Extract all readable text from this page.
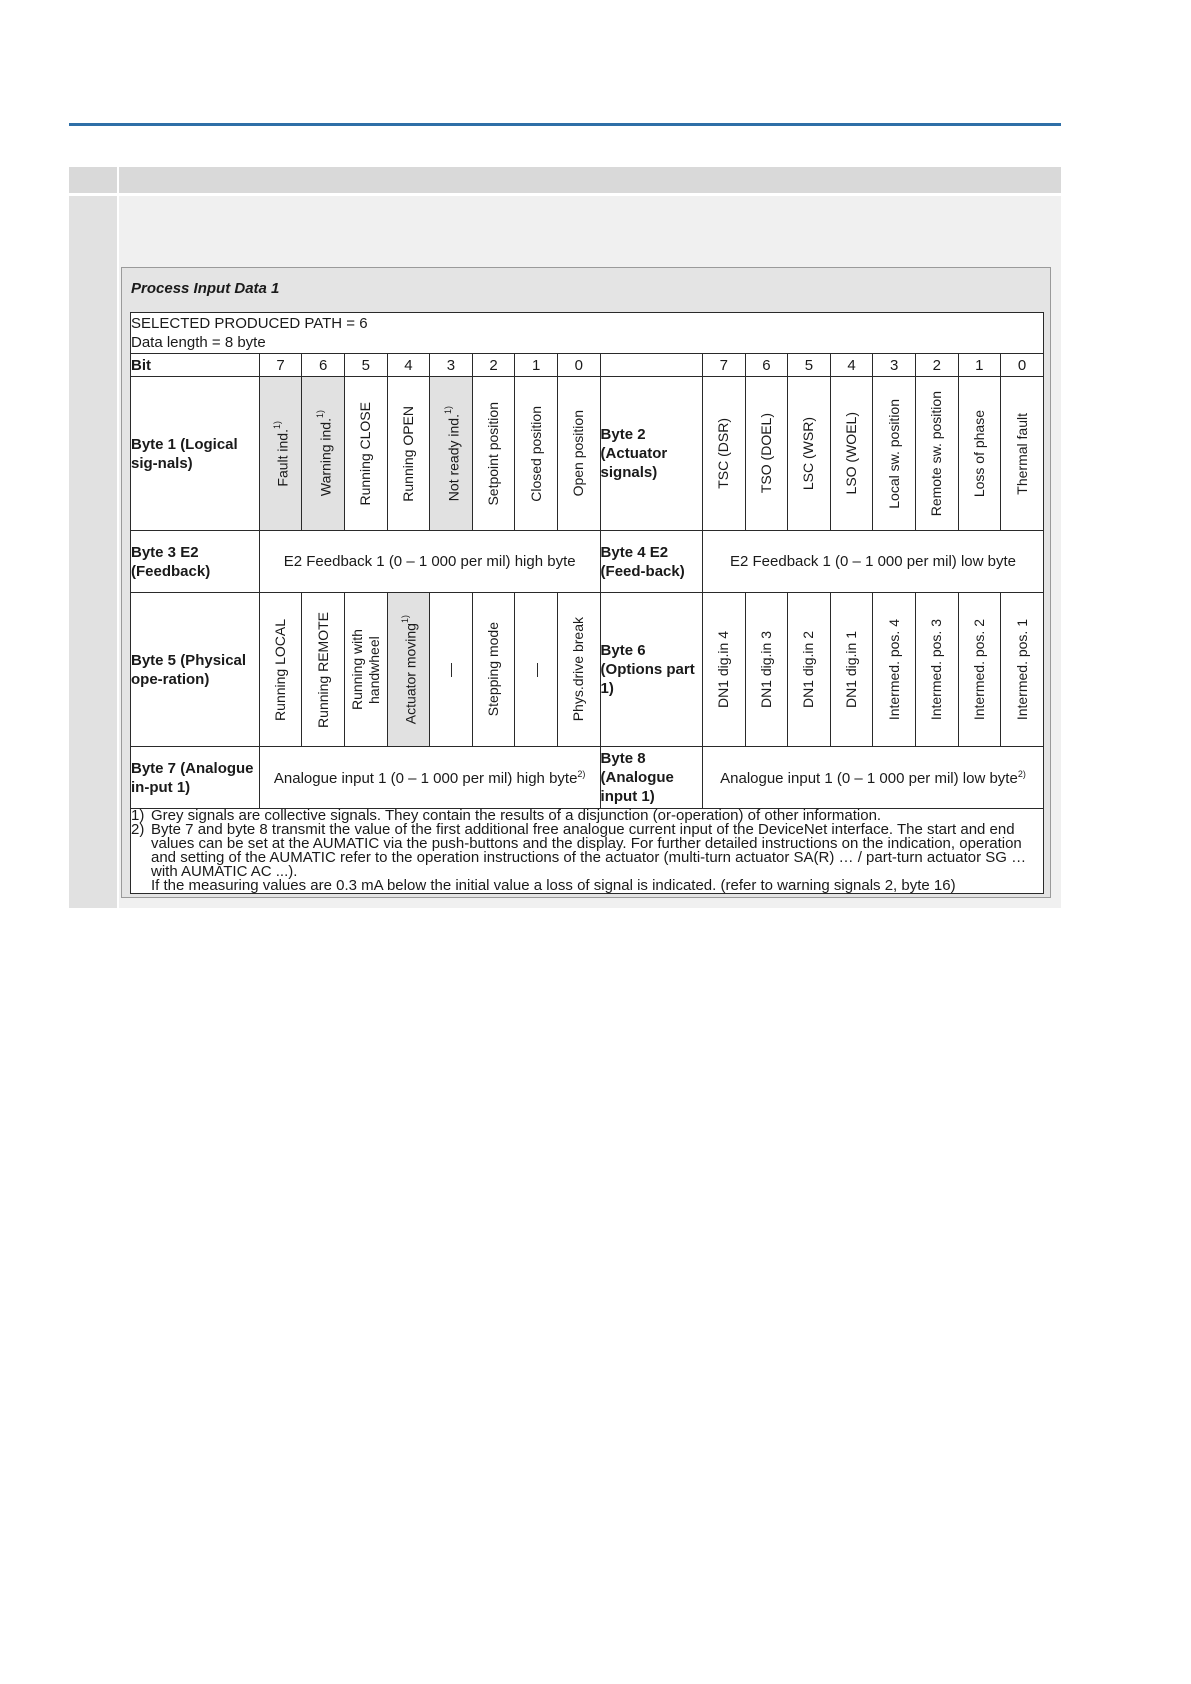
Process Input Data 1
SELECTED PRODUCED PATH = 6
Data length = 8 byte																	

Bit	7	6	5	4	3	2	1	0		7	6	5	4	3	2	1	0
Byte 1 (Logical sig-nals)	Fault ind.$^{1)}$	Warning ind.$^{1)}$	Running CLOSE	Running OPEN	Not ready ind.$^{1)}$	Setpoint position	Closed position	Open position	Byte 2 (Actuator signals)	TSC (DSR)	TSO (DOEL)	LSC (WSR)	LSO (WOEL)	Local sw. position	Remote sw. position	Loss of phase	Thermal fault

Byte 3 E2 (Feedback)	E2 Feedback 1 (0 – 1 000 per mil) high byte								Byte 4 E2 (Feed-back)	E2 Feedback 1 (0 – 1 000 per mil) low byte							
Byte 5 (Physical ope-ration)	Running LOCAL	Running REMOTE	Running with handwheel	Actuator moving$^{1)}$	—	Stepping mode	—	Phys.drive break	Byte 6 (Options part 1)	DN1 dig.in 4	DN1 dig.in 3	DN1 dig.in 2	DN1 dig.in 1	Intermed. pos. 4	Intermed. pos. 3	Intermed. pos. 2	Intermed. pos. 1

Byte 7 (Analogue in-put 1)	Analogue input 1 (0 – 1 000 per mil) high byte$^{2)}$								Byte 8 (Analogue input 1)	Analogue input 1 (0 – 1 000 per mil) low byte$^{2)}$

1) Grey signals are collective signals. They contain the results of a disjunction (or-operation) of other information.
2) Byte 7 and byte 8 transmit the value of the first additional free analogue current input of the DeviceNet interface. The start and end values can be set at the AUMATIC via the push-buttons and the display. For further detailed instructions on the indication, operation and setting of the AUMATIC refer to the operation instructions of the actuator (multi-turn actuator SA(R) … / part-turn actuator SG … with AUMATIC AC ...).
If the measuring values are 0.3 mA below the initial value a loss of signal is indicated. (refer to warning signals 2, byte 16)																	
